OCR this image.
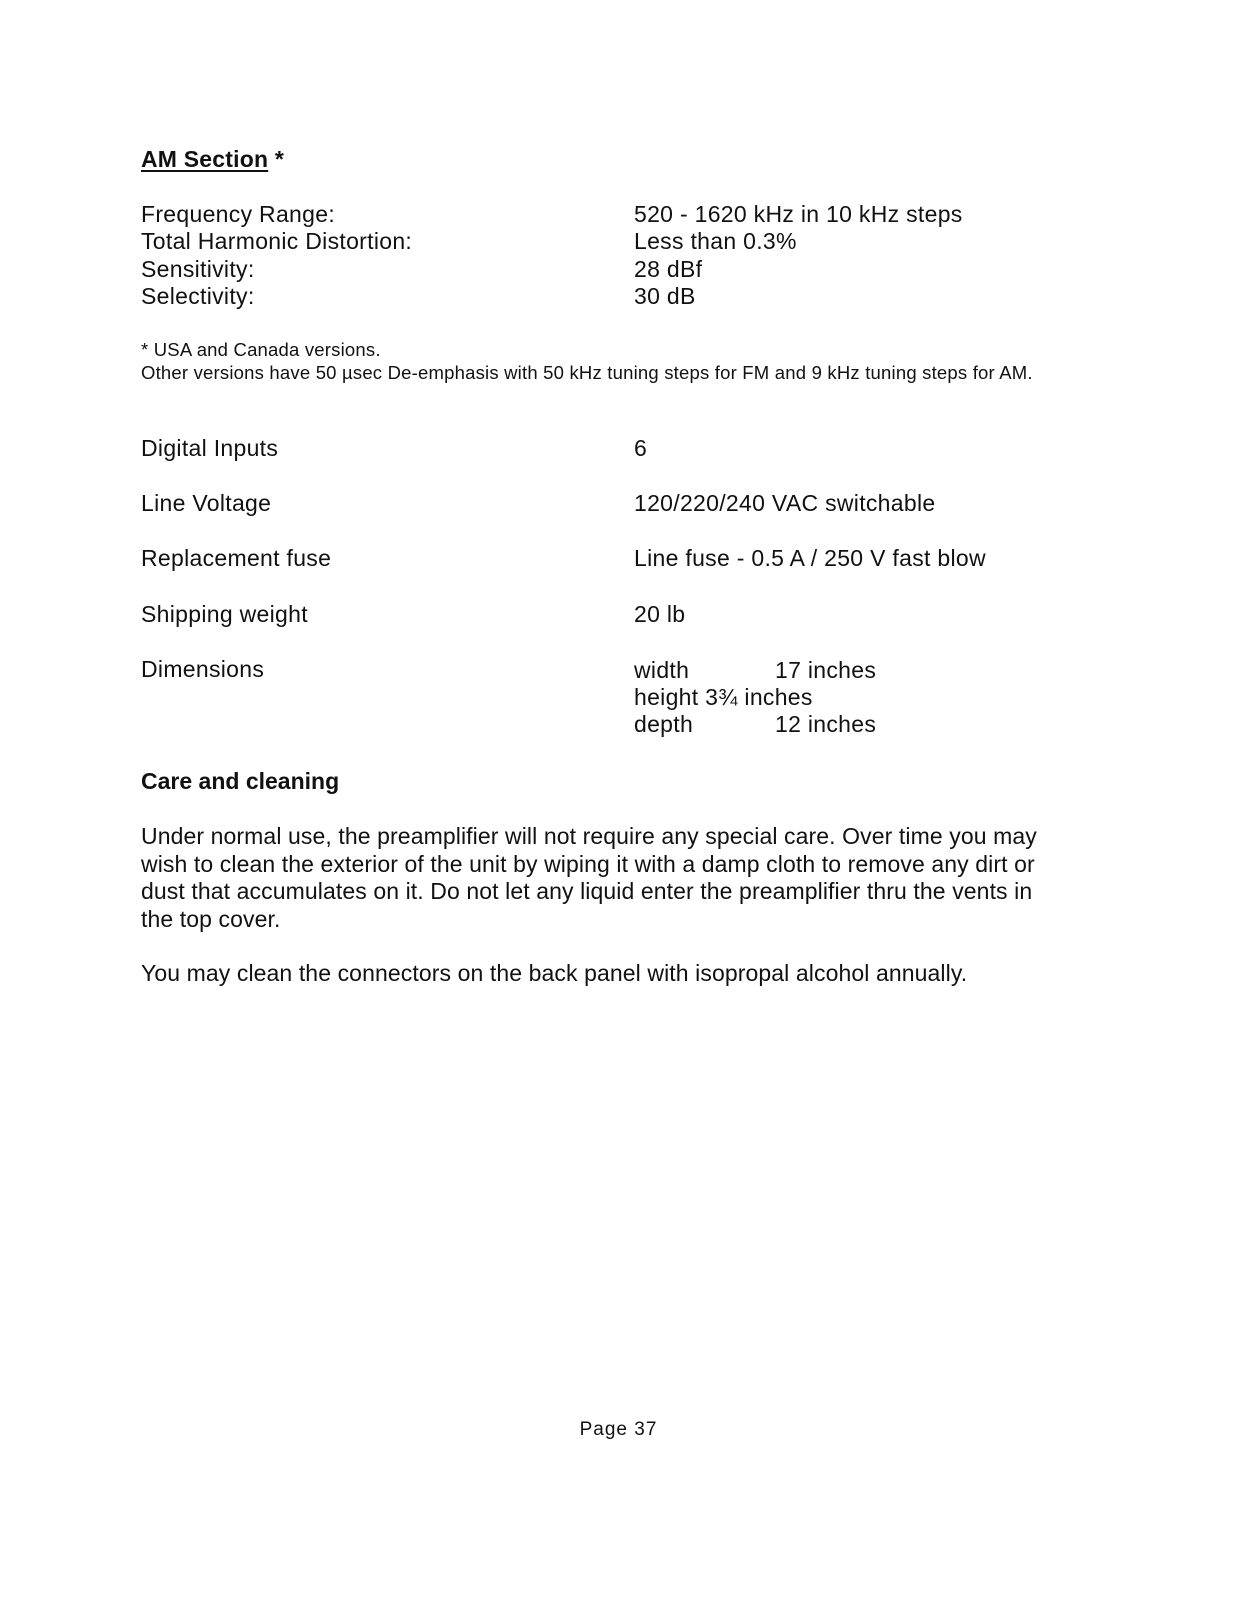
AM Section *
Frequency Range:	520 - 1620 kHz in 10 kHz steps
Total Harmonic Distortion:	Less than 0.3%
Sensitivity:	28 dBf
Selectivity:	30 dB
* USA and Canada versions.
Other versions have 50 µsec De-emphasis with 50 kHz tuning steps for FM and 9 kHz tuning steps for AM.
Digital Inputs	6
Line Voltage	120/220/240 VAC switchable
Replacement fuse	Line fuse - 0.5 A / 250 V fast blow
Shipping weight	20 lb
Dimensions	width	17 inches
height 3¾ inches
depth	12 inches
Care and cleaning
Under normal use, the preamplifier will not require any special care. Over time you may wish to clean the exterior of the unit by wiping it with a damp cloth to remove any dirt or dust that accumulates on it. Do not let any liquid enter the preamplifier thru the vents in the top cover.
You may clean the connectors on the back panel with isopropal alcohol annually.
Page 37
